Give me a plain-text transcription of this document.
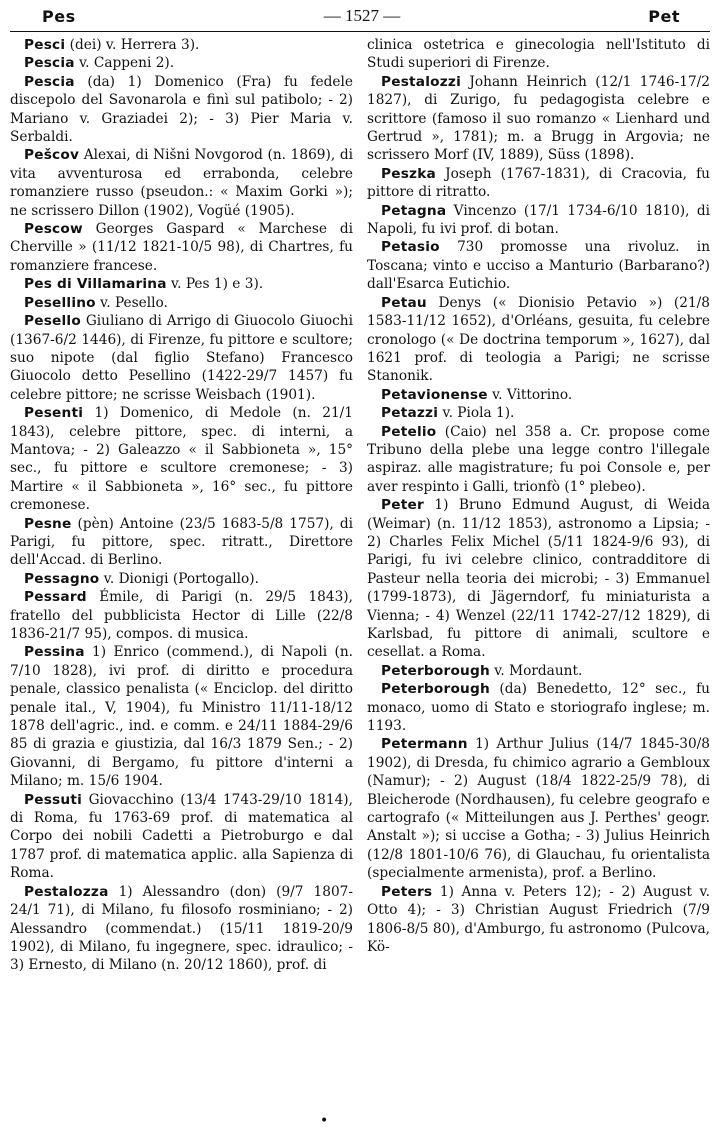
Pes	— 1527 —	Pet

Pesci (dei) v. Herrera 3).

Pescia v. Cappeni 2).

Pescia (da) 1) Domenico (Fra) fu fedele discepolo del Savonarola e finì sul patibolo; - 2) Mariano v. Graziadei 2); - 3) Pier Maria v. Serbaldi.

Pešcov Alexai, di Nišni Novgorod (n. 1869), di vita avventurosa ed errabonda, celebre romanziere russo (pseudon.: « Maxim Gorki »); ne scrissero Dillon (1902), Vogüé (1905).

Pescow Georges Gaspard « Marchese di Cherville » (11/12 1821-10/5 98), di Chartres, fu romanziere francese.

Pes di Villamarina v. Pes 1) e 3).

Pesellino v. Pesello.

Pesello Giuliano di Arrigo di Giuocolo Giuochi (1367-6/2 1446), di Firenze, fu pittore e scultore; suo nipote (dal figlio Stefano) Francesco Giuocolo detto Pesellino (1422-29/7 1457) fu celebre pittore; ne scrisse Weisbach (1901).

Pesenti 1) Domenico, di Medole (n. 21/1 1843), celebre pittore, spec. di interni, a Mantova; - 2) Galeazzo « il Sabbioneta », 15° sec., fu pittore e scultore cremonese; - 3) Martire « il Sabbioneta », 16° sec., fu pittore cremonese.

Pesne (pèn) Antoine (23/5 1683-5/8 1757), di Parigi, fu pittore, spec. ritratt., Direttore dell'Accad. di Berlino.

Pessagno v. Dionigi (Portogallo).

Pessard Émile, di Parigi (n. 29/5 1843), fratello del pubblicista Hector di Lille (22/8 1836-21/7 95), compos. di musica.

Pessina 1) Enrico (commend.), di Napoli (n. 7/10 1828), ivi prof. di diritto e procedura penale, classico penalista (« Enciclop. del diritto penale ital., V, 1904), fu Ministro 11/11-18/12 1878 dell'agric., ind. e comm. e 24/11 1884-29/6 85 di grazia e giustizia, dal 16/3 1879 Sen.; - 2) Giovanni, di Bergamo, fu pittore d'interni a Milano; m. 15/6 1904.

Pessuti Giovacchino (13/4 1743-29/10 1814), di Roma, fu 1763-69 prof. di matematica al Corpo dei nobili Cadetti a Pietroburgo e dal 1787 prof. di matematica applic. alla Sapienza di Roma.

Pestalozza 1) Alessandro (don) (9/7 1807-24/1 71), di Milano, fu filosofo rosminiano; - 2) Alessandro (commendat.) (15/11 1819-20/9 1902), di Milano, fu ingegnere, spec. idraulico; - 3) Ernesto, di Milano (n. 20/12 1860), prof. di

clinica ostetrica e ginecologia nell'Istituto di Studi superiori di Firenze.

Pestalozzi Johann Heinrich (12/1 1746-17/2 1827), di Zurigo, fu pedagogista celebre e scrittore (famoso il suo romanzo « Lienhard und Gertrud », 1781); m. a Brugg in Argovia; ne scrissero Morf (IV, 1889), Süss (1898).

Peszka Joseph (1767-1831), di Cracovia, fu pittore di ritratto.

Petagna Vincenzo (17/1 1734-6/10 1810), di Napoli, fu ivi prof. di botan.

Petasio 730 promosse una rivoluz. in Toscana; vinto e ucciso a Manturio (Barbarano?) dall'Esarca Eutichio.

Petau Denys (« Dionisio Petavio ») (21/8 1583-11/12 1652), d'Orléans, gesuita, fu celebre cronologo (« De doctrina temporum », 1627), dal 1621 prof. di teologia a Parigi; ne scrisse Stanonik.

Petavionense v. Vittorino.

Petazzi v. Piola 1).

Petelio (Caio) nel 358 a. Cr. propose come Tribuno della plebe una legge contro l'illegale aspiraz. alle magistrature; fu poi Console e, per aver respinto i Galli, trionfò (1° plebeo).

Peter 1) Bruno Edmund August, di Weida (Weimar) (n. 11/12 1853), astronomo a Lipsia; - 2) Charles Felix Michel (5/11 1824-9/6 93), di Parigi, fu ivi celebre clinico, contradditore di Pasteur nella teoria dei microbi; - 3) Emmanuel (1799-1873), di Jägerndorf, fu miniaturista a Vienna; - 4) Wenzel (22/11 1742-27/12 1829), di Karlsbad, fu pittore di animali, scultore e cesellat. a Roma.

Peterborough v. Mordaunt.

Peterborough (da) Benedetto, 12° sec., fu monaco, uomo di Stato e storiografo inglese; m. 1193.

Petermann 1) Arthur Julius (14/7 1845-30/8 1902), di Dresda, fu chimico agrario a Gembloux (Namur); - 2) August (18/4 1822-25/9 78), di Bleicherode (Nordhausen), fu celebre geografo e cartografo (« Mitteilungen aus J. Perthes' geogr. Anstalt »); si uccise a Gotha; - 3) Julius Heinrich (12/8 1801-10/6 76), di Glauchau, fu orientalista (specialmente armenista), prof. a Berlino.

Peters 1) Anna v. Peters 12); - 2) August v. Otto 4); - 3) Christian August Friedrich (7/9 1806-8/5 80), d'Amburgo, fu astronomo (Pulcova, Kö-

•
